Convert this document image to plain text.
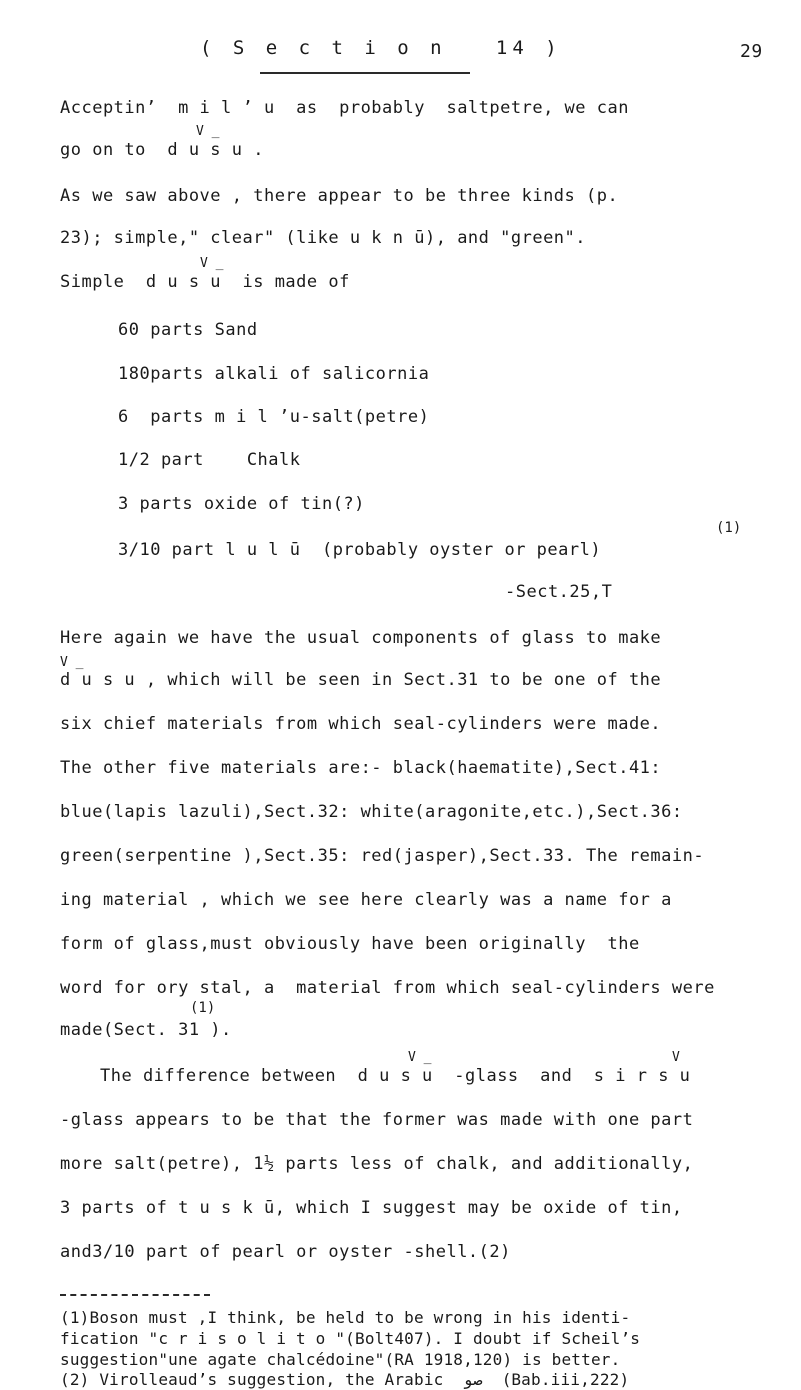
( S e c t i o n   14 )	29
Acceptin’  m i l ’ u  as  probably  saltpetre, we can
V _
go on to  d u s u .
As we saw above , there appear to be three kinds (p.
23); simple," clear" (like u k n ū), and "green".
V _
Simple  d u s u  is made of
60 parts Sand
180parts alkali of salicornia
6  parts m i l ’u-salt(petre)
1/2 part    Chalk
3 parts oxide of tin(?)
(1)
3/10 part l u l ū  (probably oyster or pearl)
-Sect.25,T
Here again we have the usual components of glass to make
V _
d u s u , which will be seen in Sect.31 to be one of the
six chief materials from which seal-cylinders were made.
The other five materials are:- black(haematite),Sect.41:
blue(lapis lazuli),Sect.32: white(aragonite,etc.),Sect.36:
green(serpentine ),Sect.35: red(jasper),Sect.33. The remain-
ing material , which we see here clearly was a name for a
form of glass,must obviously have been originally  the
word for ory stal, a  material from which seal-cylinders were
(1)
made(Sect. 31 ).
V _	V
The difference between  d u s u  -glass  and  s i r s u
-glass appears to be that the former was made with one part
more salt(petre), 1½ parts less of chalk, and additionally,
3 parts of t u s k ū, which I suggest may be oxide of tin,
and3/10 part of pearl or oyster -shell.(2)
(1)Boson must ,I think, be held to be wrong in his identi-
fication "c r i s o l i t o "(Bolt407). I doubt if Scheil’s
suggestion"une agate chalcédoine"(RA 1918,120) is better.
(2) Virolleaud’s suggestion, the Arabic  صو  (Bab.iii,222)
